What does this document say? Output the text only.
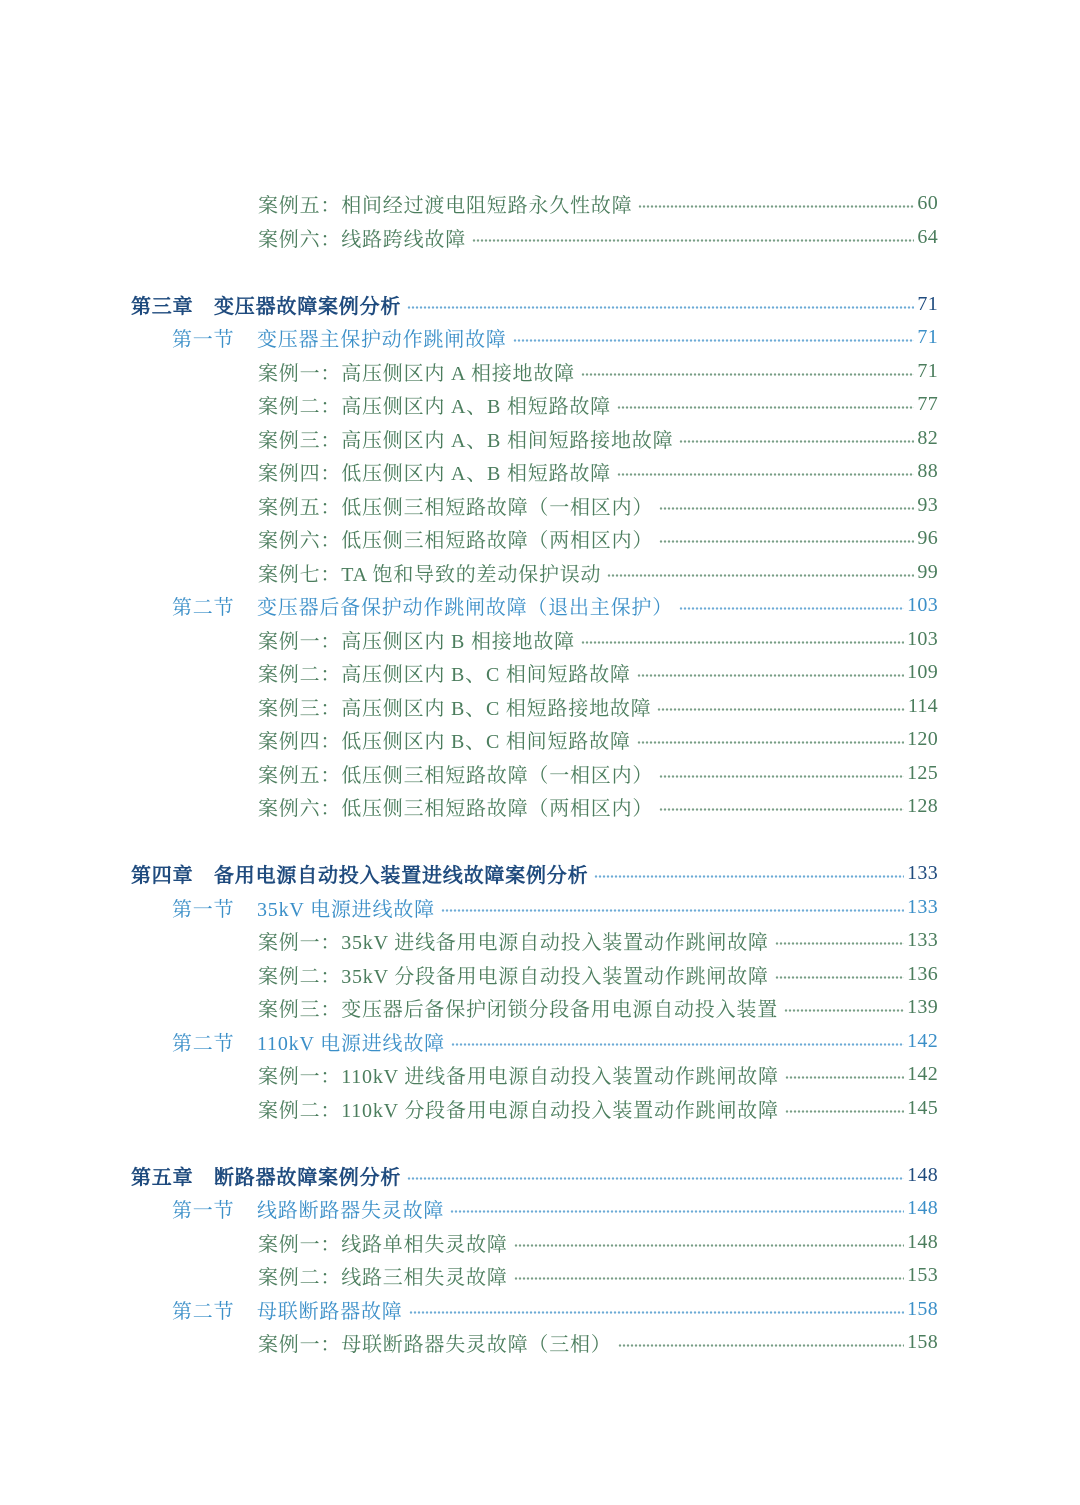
案例五： 相间经过渡电阻短路永久性故障	60
案例六： 线路跨线故障	64
第三章	变压器故障案例分析	71
第一节	变压器主保护动作跳闸故障	71
案例一： 高压侧区内 A 相接地故障	71
案例二： 高压侧区内 A、B 相短路故障	77
案例三： 高压侧区内 A、B 相间短路接地故障	82
案例四： 低压侧区内 A、B 相短路故障	88
案例五： 低压侧三相短路故障（一相区内）	93
案例六： 低压侧三相短路故障（两相区内）	96
案例七： TA 饱和导致的差动保护误动	99
第二节	变压器后备保护动作跳闸故障（退出主保护）	103
案例一： 高压侧区内 B 相接地故障	103
案例二： 高压侧区内 B、C 相间短路故障	109
案例三： 高压侧区内 B、C 相短路接地故障	114
案例四： 低压侧区内 B、C 相间短路故障	120
案例五： 低压侧三相短路故障（一相区内）	125
案例六： 低压侧三相短路故障（两相区内）	128
第四章	备用电源自动投入装置进线故障案例分析	133
第一节	35kV 电源进线故障	133
案例一： 35kV 进线备用电源自动投入装置动作跳闸故障	133
案例二： 35kV 分段备用电源自动投入装置动作跳闸故障	136
案例三： 变压器后备保护闭锁分段备用电源自动投入装置	139
第二节	110kV 电源进线故障	142
案例一： 110kV 进线备用电源自动投入装置动作跳闸故障	142
案例二： 110kV 分段备用电源自动投入装置动作跳闸故障	145
第五章	断路器故障案例分析	148
第一节	线路断路器失灵故障	148
案例一： 线路单相失灵故障	148
案例二： 线路三相失灵故障	153
第二节	母联断路器故障	158
案例一： 母联断路器失灵故障（三相）	158
